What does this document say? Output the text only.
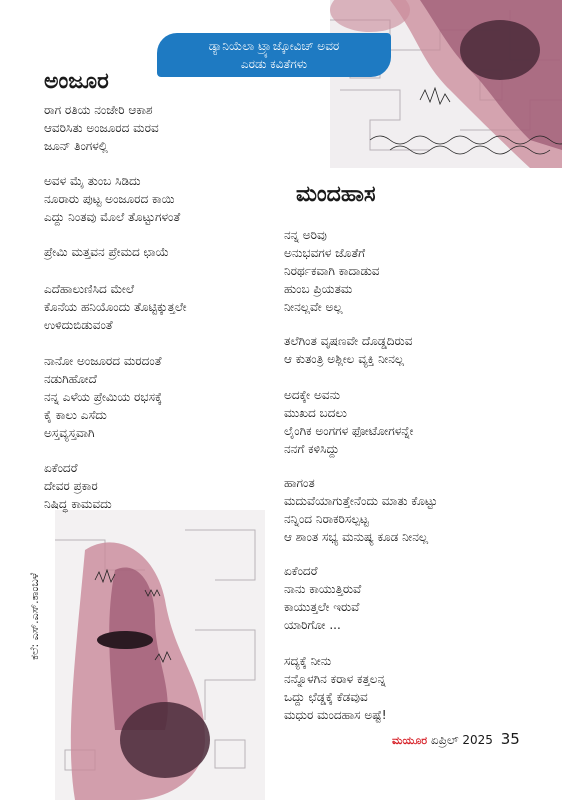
ಡ್ಯಾನಿಯೆಲಾ ಟ್ರ್ಯಾಜ್ಕೋವಿಚ್ ಅವರ
ಎರಡು ಕವಿತೆಗಳು
ಅಂಜೂರ
ರಾಗ ರತಿಯ ನಂಜೇರಿ ಆಕಾಶ
ಆವರಿಸಿತು ಅಂಜೂರದ ಮರವ
ಜೂನ್ ತಿಂಗಳಲ್ಲಿ
ಅವಳ ಮೈ ತುಂಬ ಸಿಡಿದು
ನೂರಾರು ಪುಟ್ಟ ಅಂಜೂರದ ಕಾಯಿ
ಎದ್ದು ನಿಂತವು ಮೊಲೆ ತೊಟ್ಟುಗಳಂತೆ
ಪ್ರೇಮಿ ಮತ್ತವನ ಪ್ರೇಮದ ಛಾಯೆ
ಎದೆಹಾಲುಣಿಸಿದ ಮೇಲೆ
ಕೊನೆಯ ಹನಿಯೊಂದು ತೊಟ್ಟಿಕ್ಕುತ್ತಲೇ
ಉಳಿದುಬಿಡುವಂತೆ
ನಾನೋ ಅಂಜೂರದ ಮರದಂತೆ
ನಡುಗಿಹೋದೆ
ನನ್ನ ಎಳೆಯ ಪ್ರೇಮಿಯ ರಭಸಕ್ಕೆ
ಕೈ ಕಾಲು ಎಸೆದು
ಅಸ್ತವ್ಯಸ್ತವಾಗಿ
ಏಕೆಂದರೆ
ದೇವರ ಪ್ರಕಾರ
ನಿಷಿದ್ಧ ಕಾಮವದು
ಮಂದಹಾಸ
ನನ್ನ ಅರಿವು
ಅನುಭವಗಳ ಜೊತೆಗೆ
ನಿರರ್ಥಕವಾಗಿ ಕಾದಾಡುವ
ಹುಂಬ ಪ್ರಿಯತಮ
ನೀನಲ್ಲವೇ ಅಲ್ಲ
ತಲೆಗಿಂತ ವೃಷಣವೇ ದೊಡ್ಡದಿರುವ
ಆ ಕುತಂತ್ರಿ ಅಶ್ಲೀಲ ವ್ಯಕ್ತಿ ನೀನಲ್ಲ
ಅದಕ್ಕೇ ಅವನು
ಮುಖದ ಬದಲು
ಲೈಂಗಿಕ ಅಂಗಗಳ ಫೋಟೋಗಳನ್ನೇ
ನನಗೆ ಕಳಿಸಿದ್ದು
ಹಾಗಂತ
ಮದುವೆಯಾಗುತ್ತೇನೆಂದು ಮಾತು ಕೊಟ್ಟು
ನನ್ನಿಂದ ನಿರಾಕರಿಸಲ್ಪಟ್ಟ
ಆ ಶಾಂತ ಸಭ್ಯ ಮನುಷ್ಯ ಕೂಡ ನೀನಲ್ಲ
ಏಕೆಂದರೆ
ನಾನು ಕಾಯುತ್ತಿರುವೆ
ಕಾಯುತ್ತಲೇ ಇರುವೆ
ಯಾರಿಗೋ ...
ಸದ್ಯಕ್ಕೆ ನೀನು
ನನ್ನೊಳಗಿನ ಕರಾಳ ಕತ್ತಲನ್ನ
ಒದ್ದು ಛೆಡ್ಡಕ್ಕೆ ಕೆಡವುವ
ಮಧುರ ಮಂದಹಾಸ ಅಷ್ಟೆ!
ಕಲೆ: ಎಸ್.ಎಸ್.ಕಾಂಬಳೆ
ಮಯೂರ ಏಪ್ರಿಲ್ 2025 35
